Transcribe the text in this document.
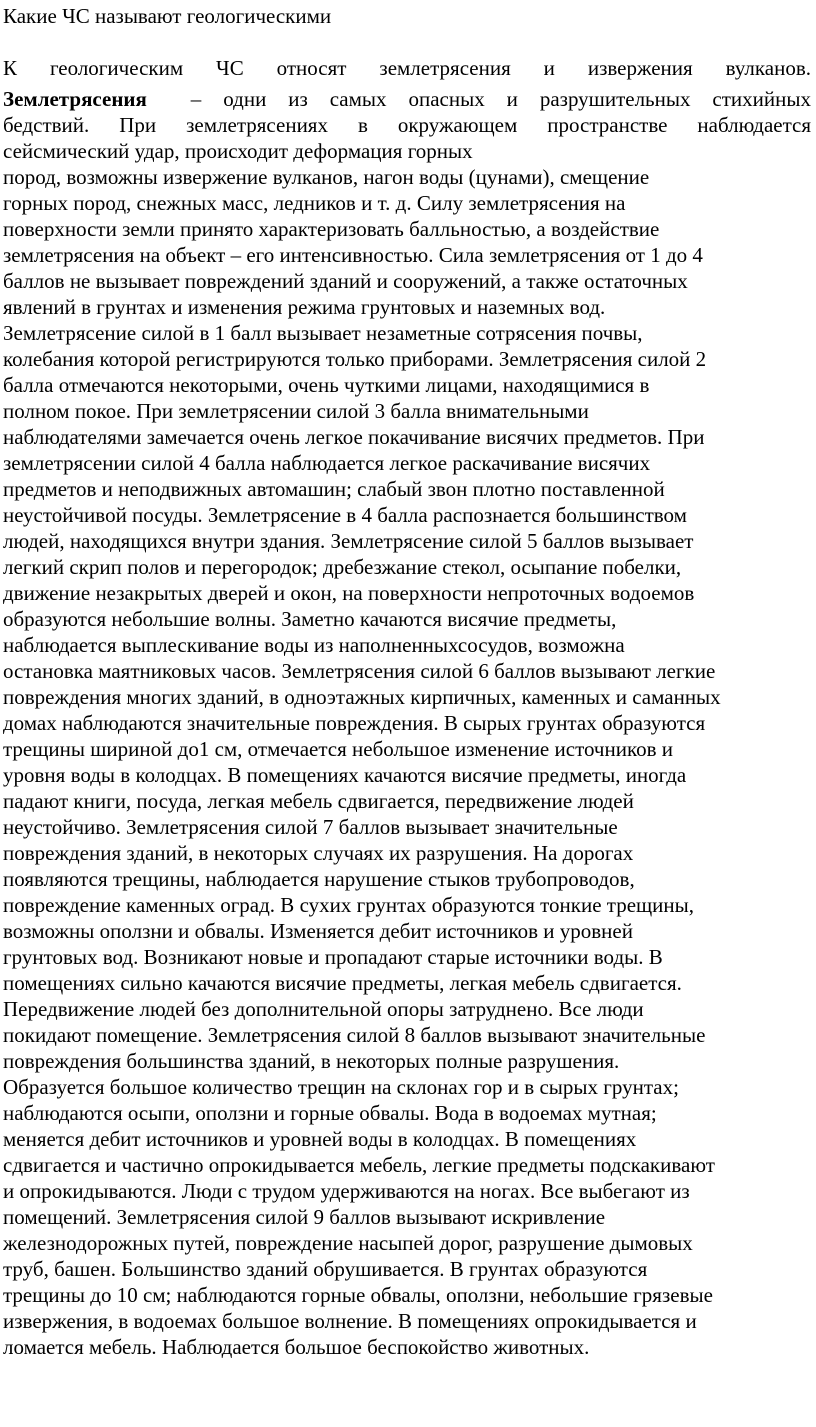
Какие ЧС называют геологическими
К геологическим ЧС относят землетрясения и извержения вулканов.
Землетрясения – одни из самых опасных и разрушительных стихийных
бедствий. При землетрясениях в окружающем пространстве наблюдается
сейсмический удар, происходит деформация горных
пород, возможны извержение вулканов, нагон воды (цунами), смещение
горных пород, снежных масс, ледников и т. д. Силу землетрясения на
поверхности земли принято характеризовать балльностью, а воздействие
землетрясения на объект – его интенсивностью. Сила землетрясения от 1 до 4
баллов не вызывает повреждений зданий и сооружений, а также остаточных
явлений в грунтах и изменения режима грунтовых и наземных вод.
Землетрясение силой в 1 балл вызывает незаметные сотрясения почвы,
колебания которой регистрируются только приборами. Землетрясения силой 2
балла отмечаются некоторыми, очень чуткими лицами, находящимися в
полном покое. При землетрясении силой 3 балла внимательными
наблюдателями замечается очень легкое покачивание висячих предметов. При
землетрясении силой 4 балла наблюдается легкое раскачивание висячих
предметов и неподвижных автомашин; слабый звон плотно поставленной
неустойчивой посуды. Землетрясение в 4 балла распознается большинством
людей, находящихся внутри здания. Землетрясение силой 5 баллов вызывает
легкий скрип полов и перегородок; дребезжание стекол, осыпание побелки,
движение незакрытых дверей и окон, на поверхности непроточных водоемов
образуются небольшие волны. Заметно качаются висячие предметы,
наблюдается выплескивание воды из наполненныхсосудов, возможна
остановка маятниковых часов. Землетрясения силой 6 баллов вызывают легкие
повреждения многих зданий, в одноэтажных кирпичных, каменных и саманных
домах наблюдаются значительные повреждения. В сырых грунтах образуются
трещины шириной до1 см, отмечается небольшое изменение источников и
уровня воды в колодцах. В помещениях качаются висячие предметы, иногда
падают книги, посуда, легкая мебель сдвигается, передвижение людей
неустойчиво. Землетрясения силой 7 баллов вызывает значительные
повреждения зданий, в некоторых случаях их разрушения. На дорогах
появляются трещины, наблюдается нарушение стыков трубопроводов,
повреждение каменных оград. В сухих грунтах образуются тонкие трещины,
возможны оползни и обвалы. Изменяется дебит источников и уровней
грунтовых вод. Возникают новые и пропадают старые источники воды. В
помещениях сильно качаются висячие предметы, легкая мебель сдвигается.
Передвижение людей без дополнительной опоры затруднено. Все люди
покидают помещение. Землетрясения силой 8 баллов вызывают значительные
повреждения большинства зданий, в некоторых полные разрушения.
Образуется большое количество трещин на склонах гор и в сырых грунтах;
наблюдаются осыпи, оползни и горные обвалы. Вода в водоемах мутная;
меняется дебит источников и уровней воды в колодцах. В помещениях
сдвигается и частично опрокидывается мебель, легкие предметы подскакивают
и опрокидываются. Люди с трудом удерживаются на ногах. Все выбегают из
помещений. Землетрясения силой 9 баллов вызывают искривление
железнодорожных путей, повреждение насыпей дорог, разрушение дымовых
труб, башен. Большинство зданий обрушивается. В грунтах образуются
трещины до 10 см; наблюдаются горные обвалы, оползни, небольшие грязевые
извержения, в водоемах большое волнение. В помещениях опрокидывается и
ломается мебель. Наблюдается большое беспокойство животных.
